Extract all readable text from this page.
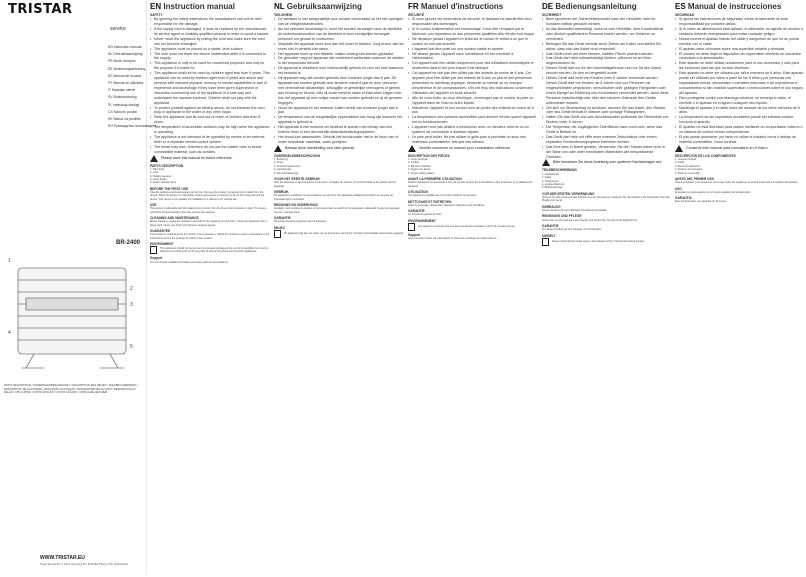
TRISTAR
service
EN Instruction manual
NL Gebruiksaanwijzing
FR Mode d'emploi
DE Bedienungsanleitung
ES Manual de usuario
PT Manual de utilizador
IT Manuale utente
SV Bruksanvisning
PL Instrukcja obsługi
CS Návod k použití
SK Návod na použitie
RU Руководство пользователя
BR-2400
1
2
3
4
5
PARTS DESCRIPTION / ONDERDELENBESCHRIJVING / DESCRIPTION DES PIÈCES / TEILEBESCHREIBUNG / DESCRIPCIÓN DE LAS PIEZAS / DESCRIÇÃO DAS PEÇAS / DESCRIZIONE DELLE PARTI / BESKRIVNING AV DELAR / OPIS CZĘŚCI / POPIS SOUČÁSTÍ / POPIS SÚČASTÍ / ОПИСАНИЕ ДЕТАЛЕЙ
WWW.TRISTAR.EU
Tristar Europe B.V. | Jules Verneweg 87 | 5015 BH Tilburg | The Netherlands
EN Instruction manual
SAFETY
• By ignoring the safety instructions the manufacturer can not be held responsible for the damage.
• If the supply cord is damaged, it must be replaced by the manufacturer, its service agent or similarly qualified persons in order to avoid a hazard.
• Never move the appliance by pulling the cord and make sure the cord can not become entangled.
• The appliance must be placed on a stable, level surface.
• The user must not leave the device unattended while it is connected to the supply.
• This appliance is only to be used for household purposes and only for the purpose it is made for.
• This appliance shall not be used by children aged less than 8 years. This appliance can be used by children aged from 8 years and above and persons with reduced physical, sensory or mental capabilities or lack of experience and knowledge if they have been given supervision or instruction concerning use of the appliance in a safe way and understand the hazards involved. Children shall not play with the appliance.
• To protect yourself against an electric shock, do not immerse the cord, plug or appliance in the water or any other liquid.
• Keep the appliance and its cord out of reach of children less than 8 years.
• The temperature of accessible surfaces may be high when the appliance is operating.
• The appliance is not intended to be operated by means of an external timer or a separate remote-control system.
• The bread may burn, therefore do not use the toaster near or below combustible material, such as curtains.
Please save this manual for future reference.
PARTS DESCRIPTION
1. Main body
2. Cord
3. Heating element
4. Lamp holder
5. Power indicator lamp
BEFORE THE FIRST USE
Take the appliance and accessories out the box. Remove the stickers, protective foil or plastic from the device. Place the device on a flat stable surface and ensure a minimum of 10 cm free space around the device. This device is not suitable for installation in a cabinet or for outside use.
USE
This device is adjustable with the rotating timer control. Turn the timer knob clockwise to start. The device will switch off automatically when the set time has elapsed.
CLEANING AND MAINTENANCE
Before cleaning, unplug the appliance and wait for the appliance to cool down. Clean the appliance with a damp cloth. Never use harsh and abrasive cleaning agents.
GUARANTEE
This product is guaranteed for 24 months. Your guarantee is valid if the product is used in accordance to the instructions and for the purpose for which it was created.
ENVIRONMENT
This appliance should not be put into the domestic garbage at the end of its durability, but must be offered at a central point for the recycling of electric and electronic domestic appliances.
Support
You can find all available information and spare parts at www.tristar.eu!
NL Gebruiksaanwijzing
VEILIGHEID
• De fabrikant is niet aansprakelijk voor schade veroorzaakt uit het niet opvolgen van de veiligheidsinstructies.
• Als het netsnoer beschadigd is, moet het worden vervangen door de fabrikant, de onderhoudsmonteur van de fabrikant of door soortgelijke bevoegde personen om gevaar te voorkomen.
• Verplaats het apparaat nooit door aan het snoer te trekken. Zorg ervoor dat het snoer niet in verstrikt kan raken.
• Het apparaat moet op een stabiele, vlakke ondergrond worden geplaatst.
• De gebruiker mag het apparaat niet onbeheerd achterlaten wanneer de stekker in het stopcontact bevindt.
• Dit apparaat is uitsluitend voor huishoudelijk gebruik en voor het doel waarvoor het bedoeld is.
• Dit apparaat mag niet worden gebruikt door kinderen jonger dan 8 jaar. Dit apparaat kan worden gebruikt door kinderen vanaf 8 jaar en door personen met verminderde lichamelijke, zintuiglijke of geestelijke vermogens of gebrek aan ervaring en kennis, mits zij onder toezicht staan of instructies krijgen over hoe het apparaat op een veilige manier kan worden gebruikt en zij de gevaren begrijpen.
• Houd het apparaat en het netsnoer buiten bereik van kinderen jonger dan 8 jaar.
• De temperatuur van de toegankelijke oppervlakken kan hoog zijn wanneer het apparaat in gebruik is.
• Het apparaat is niet bedoeld om bediend te worden met behulp van een externe timer of een afzonderlijk afstandsbedieningssysteem.
• Het brood kan aanbranden. Gebruik het broodrooster niet in de buurt van of onder brandbaar materiaal, zoals gordijnen.
Bewaar deze handleiding voor later gebruik.
ONDERDELENBESCHRIJVING
1. Behuizing
2. Snoer
3. Verwarmingselement
4. Lamphouder
5. Aan-indicatielampje
VOOR HET EERSTE GEBRUIK
Haal het apparaat en de accessoires uit de doos. Verwijder de stickers, de beschermfolie of het plastic van het apparaat.
GEBRUIK
Dit apparaat is instelbaar met de draaiknop van de timer. Het apparaat schakelt automatisch uit wanneer de ingestelde tijd is verstreken.
REINIGING EN ONDERHOUD
Verwijder voor reiniging de stekker uit het stopcontact en wacht tot het apparaat is afgekoeld. Reinig het apparaat met een vochtige doek.
GARANTIE
Dit product heeft een garantie van 24 maanden.
MILIEU
Dit apparaat mag aan het einde van de levensduur niet bij het normale huishoudelijke afval worden gegooid.
FR Manuel d'instructions
SÉCURITÉ
• Si vous ignorez les instructions de sécurité, le fabricant ne saurait être tenu responsable des dommages.
• Si le cordon d'alimentation est endommagé, il doit être remplacé par le fabricant, son réparateur ou des personnes qualifiées afin d'éviter tout risque.
• Ne déplacez jamais l'appareil en tirant sur le cordon et veillez à ce que le cordon ne soit pas emmêlé.
• L'appareil doit être posé sur une surface stable et nivelée.
• Ne laissez jamais l'appareil sans surveillance s'il est connecté à l'alimentation.
• Cet appareil doit être utilisé uniquement pour des utilisations domestiques et seulement dans le but pour lequel il est fabriqué.
• Cet appareil ne doit pas être utilisé par des enfants de moins de 8 ans. Cet appareil peut être utilisé par des enfants de 8 ans ou plus et des personnes présentant un handicap physique, sensoriel ou mental ou un manque d'expérience et de connaissances, s'ils ont reçu des instructions concernant l'utilisation de l'appareil en toute sécurité.
• Afin de vous éviter un choc électrique, n'immergez pas le cordon, la prise ou l'appareil dans de l'eau ou autre liquide.
• Maintenez l'appareil et son cordon hors de portée des enfants de moins de 8 ans.
• La température des surfaces accessibles peut devenir élevée quand l'appareil est en fonctionnement.
• L'appareil n'est pas destiné à fonctionner avec un minuteur externe ou un système de commande à distance séparé.
• Le pain peut brûler. Ne pas utiliser le grille-pain à proximité ou sous des matériaux combustibles, tels que des rideaux.
Veuillez conserver ce manuel pour consultation ultérieure.
DESCRIPTION DES PIÈCES
1. Corps principal
2. Cordon
3. Élément chauffant
4. Support de lampe
5. Voyant d'alimentation
AVANT LA PREMIÈRE UTILISATION
Retirez l'appareil et les accessoires hors de la boîte. Retirez les autocollants, le film protecteur ou le plastique de l'appareil.
UTILISATION
Cet appareil est réglable avec le bouton rotatif de la minuterie.
NETTOYAGE ET ENTRETIEN
Avant le nettoyage, débranchez l'appareil et attendez qu'il refroidisse.
GARANTIE
Ce produit est garanti 24 mois.
ENVIRONNEMENT
Cet appareil ne doit pas être jeté avec les déchets ménagers à la fin de sa durée de vie.
Support
Vous trouverez toutes les informations et pièces de rechange sur www.tristar.eu !
DE Bedienungsanleitung
SICHERHEIT
• Beim Ignorieren der Sicherheitshinweise kann der Hersteller nicht für Schäden haftbar gemacht werden.
• Ist das Netzkabel beschädigt, muss es vom Hersteller, dem Kundendienst oder ähnlich qualifiziertem Personal ersetzt werden, um Gefahren zu vermeiden.
• Bewegen Sie das Gerät niemals durch Ziehen am Kabel, und stellen Sie sicher, dass sich das Kabel nicht verwickelt.
• Das Gerät muss auf einer ebenen, stabilen Fläche platziert werden.
• Das Gerät darf nicht unbeaufsichtigt bleiben, während es am Netz angeschlossen ist.
• Dieses Gerät darf nur für den Haushaltsgebrauch und nur für den Zweck benutzt werden, für den es hergestellt wurde.
• Dieses Gerät darf nicht von Kindern unter 8 Jahren verwendet werden. Dieses Gerät darf von Kindern ab 8 Jahren und von Personen mit eingeschränkten physischen, sensorischen oder geistigen Fähigkeiten oder einem Mangel an Erfahrung und Kenntnissen verwendet werden, wenn diese Personen beaufsichtigt oder über den sicheren Gebrauch des Geräts unterwiesen wurden.
• Um sich vor Stromschlag zu schützen, tauchen Sie das Kabel, den Stecker oder das Gerät niemals in Wasser oder sonstige Flüssigkeiten.
• Halten Sie das Gerät und sein Anschlusskabel außerhalb der Reichweite von Kindern unter 8 Jahren.
• Die Temperatur der zugänglichen Oberflächen kann hoch sein, wenn das Gerät in Betrieb ist.
• Das Gerät darf nicht mit Hilfe einer externen Zeitschaltuhr oder einem separaten Fernbedienungssystem betrieben werden.
• Das Brot kann in Brand geraten. Verwenden Sie den Toaster daher nicht in der Nähe von oder unter brennbaren Materialien wie beispielsweise Gardinen.
Bitte bewahren Sie diese Anleitung zum späteren Nachschlagen auf.
TEILEBESCHREIBUNG
1. Gerätekörper
2. Kabel
3. Heizelement
4. Lampenhalterung
5. Betriebsanzeige
VOR DER ERSTEN VERWENDUNG
Nehmen Sie das Gerät und das Zubehör aus der Verpackung. Entfernen Sie die Aufkleber, die Schutzfolie oder das Plastik vom Gerät.
GEBRAUCH
Dieses Gerät ist mit dem drehbaren Timerknopf einstellbar.
REINIGUNG UND PFLEGE
Ziehen Sie vor dem Reinigen den Stecker und warten Sie, bis das Gerät abgekühlt ist.
GARANTIE
Für dieses Produkt gilt eine Garantie von 24 Monaten.
UMWELT
Dieses Gerät darf am Ende seiner Lebensdauer nicht im Hausmüll entsorgt werden.
ES Manual de instrucciones
SEGURIDAD
• Si ignora las instrucciones de seguridad, exime al fabricante de toda responsabilidad por posibles daños.
• Si el cable de alimentación está dañado, el fabricante, su agente de servicio o similares deberán reemplazarlo para evitar cualquier peligro.
• Nunca mueva el aparato tirando del cable y asegúrese de que no se pueda enredar con el cable.
• El aparato debe colocarse sobre una superficie estable y nivelada.
• El usuario no debe dejar el dispositivo sin supervisión mientras se encuentre conectado a la alimentación.
• Este aparato se debe utilizar únicamente para el uso doméstico y sólo para las funciones para las que ha sido diseñado.
• Este aparato no debe ser utilizado por niños menores de 8 años. Este aparato puede ser utilizado por niños a partir de los 8 años y por personas con capacidades físicas, sensoriales o mentales reducidas o sin experiencia ni conocimientos si han recibido supervisión o instrucciones sobre el uso seguro del aparato.
• Para protegerse contra una descarga eléctrica, no sumerja el cable, el enchufe o el aparato en el agua o cualquier otro líquido.
• Mantenga el aparato y el cable fuera del alcance de los niños menores de 8 años.
• La temperatura de las superficies accesibles puede ser elevada cuando funciona el aparato.
• El aparato no está diseñado para usarse mediante un temporizador externo o un sistema de control remoto independiente.
• El pan puede quemarse; por tanto no utilice el tostador cerca o debajo de material combustible, como cortinas.
Conserve este manual para consultarlo en el futuro.
DESCRIPCIÓN DE LOS COMPONENTES
1. Cuerpo principal
2. Cable
3. Elemento calefactor
4. Soporte de la lámpara
5. Piloto de encendido
ANTES DEL PRIMER USO
Saque el aparato y los accesorios de la caja. Quite las pegatinas, la lámina protectora o el plástico del aparato.
USO
El aparato se puede ajustar con el mando giratorio del temporizador.
GARANTÍA
Este producto tiene una garantía de 24 meses.
